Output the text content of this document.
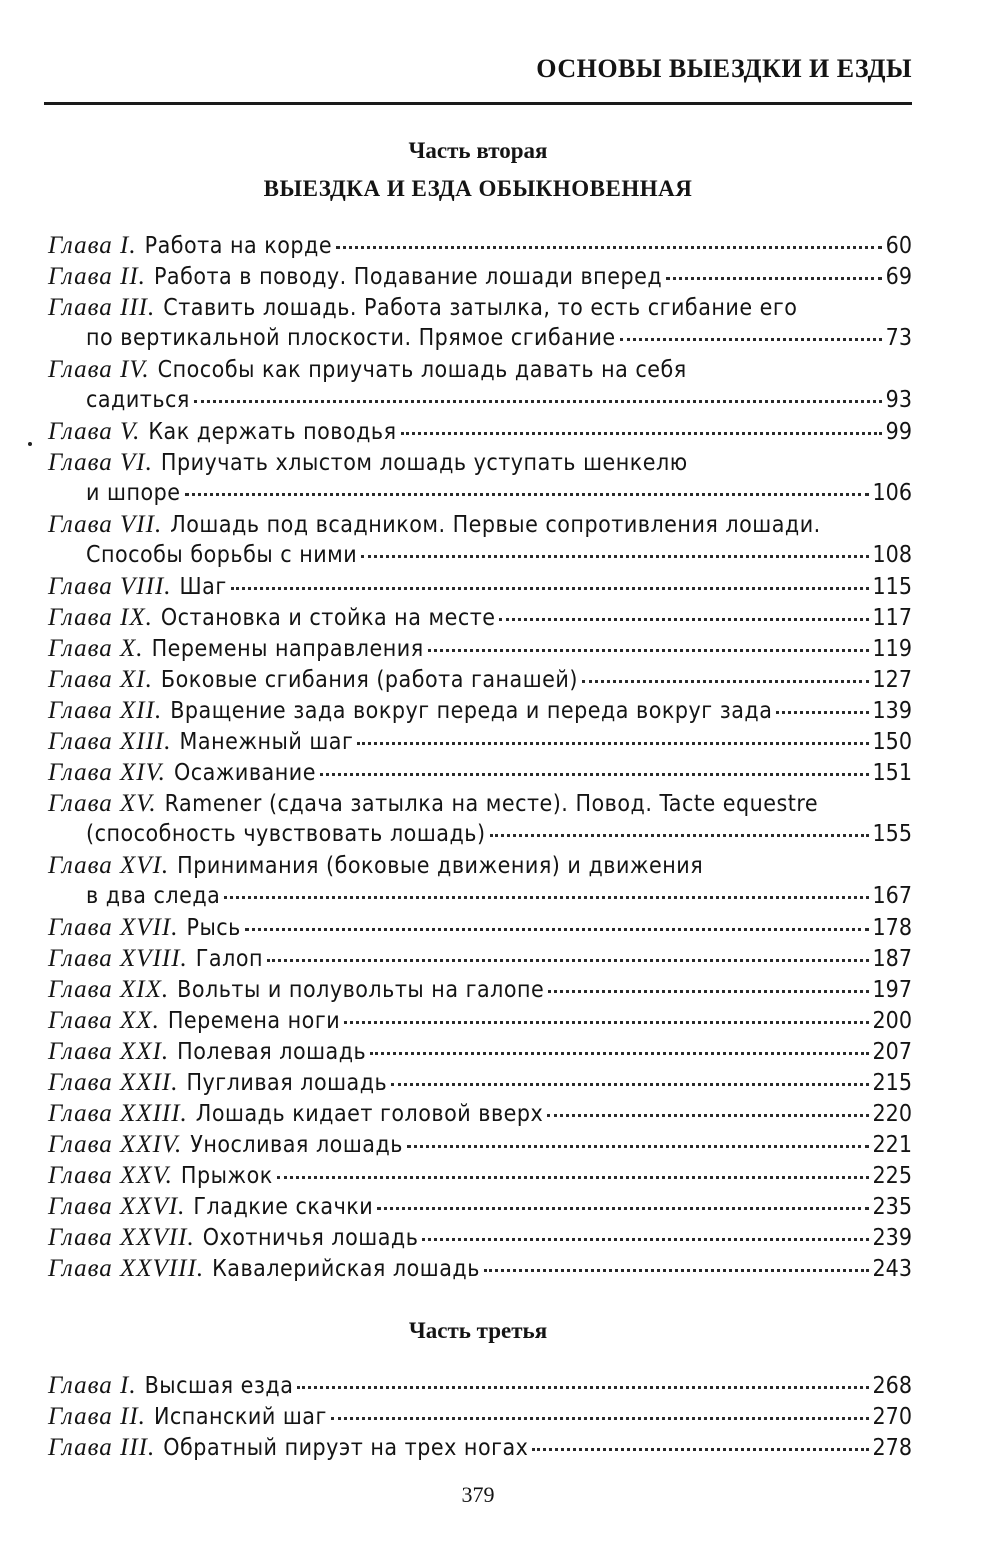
ОСНОВЫ ВЫЕЗДКИ И ЕЗДЫ
Часть вторая
ВЫЕЗДКА И ЕЗДА ОБЫКНОВЕННАЯ
Глава I. Работа на корде	60
Глава II. Работа в поводу. Подавание лошади вперед	69
Глава III. Ставить лошадь. Работа затылка, то есть сгибание его
по вертикальной плоскости. Прямое сгибание	73
Глава IV. Способы как приучать лошадь давать на себя
садиться	93
Глава V. Как держать поводья	99
Глава VI. Приучать хлыстом лошадь уступать шенкелю
и шпоре	106
Глава VII. Лошадь под всадником. Первые сопротивления лошади.
Способы борьбы с ними	108
Глава VIII. Шаг	115
Глава IX. Остановка и стойка на месте	117
Глава X. Перемены направления	119
Глава XI. Боковые сгибания (работа ганашей)	127
Глава XII. Вращение зада вокруг переда и переда вокруг зада	139
Глава XIII. Манежный шаг	150
Глава XIV. Осаживание	151
Глава XV. Ramener (сдача затылка на месте). Повод. Tacte equestre
(способность чувствовать лошадь)	155
Глава XVI. Принимания (боковые движения) и движения
в два следа	167
Глава XVII. Рысь	178
Глава XVIII. Галоп	187
Глава XIX. Вольты и полувольты на галопе	197
Глава XX. Перемена ноги	200
Глава XXI. Полевая лошадь	207
Глава XXII. Пугливая лошадь	215
Глава XXIII. Лошадь кидает головой вверх	220
Глава XXIV. Уносливая лошадь	221
Глава XXV. Прыжок	225
Глава XXVI. Гладкие скачки	235
Глава XXVII. Охотничья лошадь	239
Глава XXVIII. Кавалерийская лошадь	243
Часть третья
Глава I. Высшая езда	268
Глава II. Испанский шаг	270
Глава III. Обратный пируэт на трех ногах	278
379
